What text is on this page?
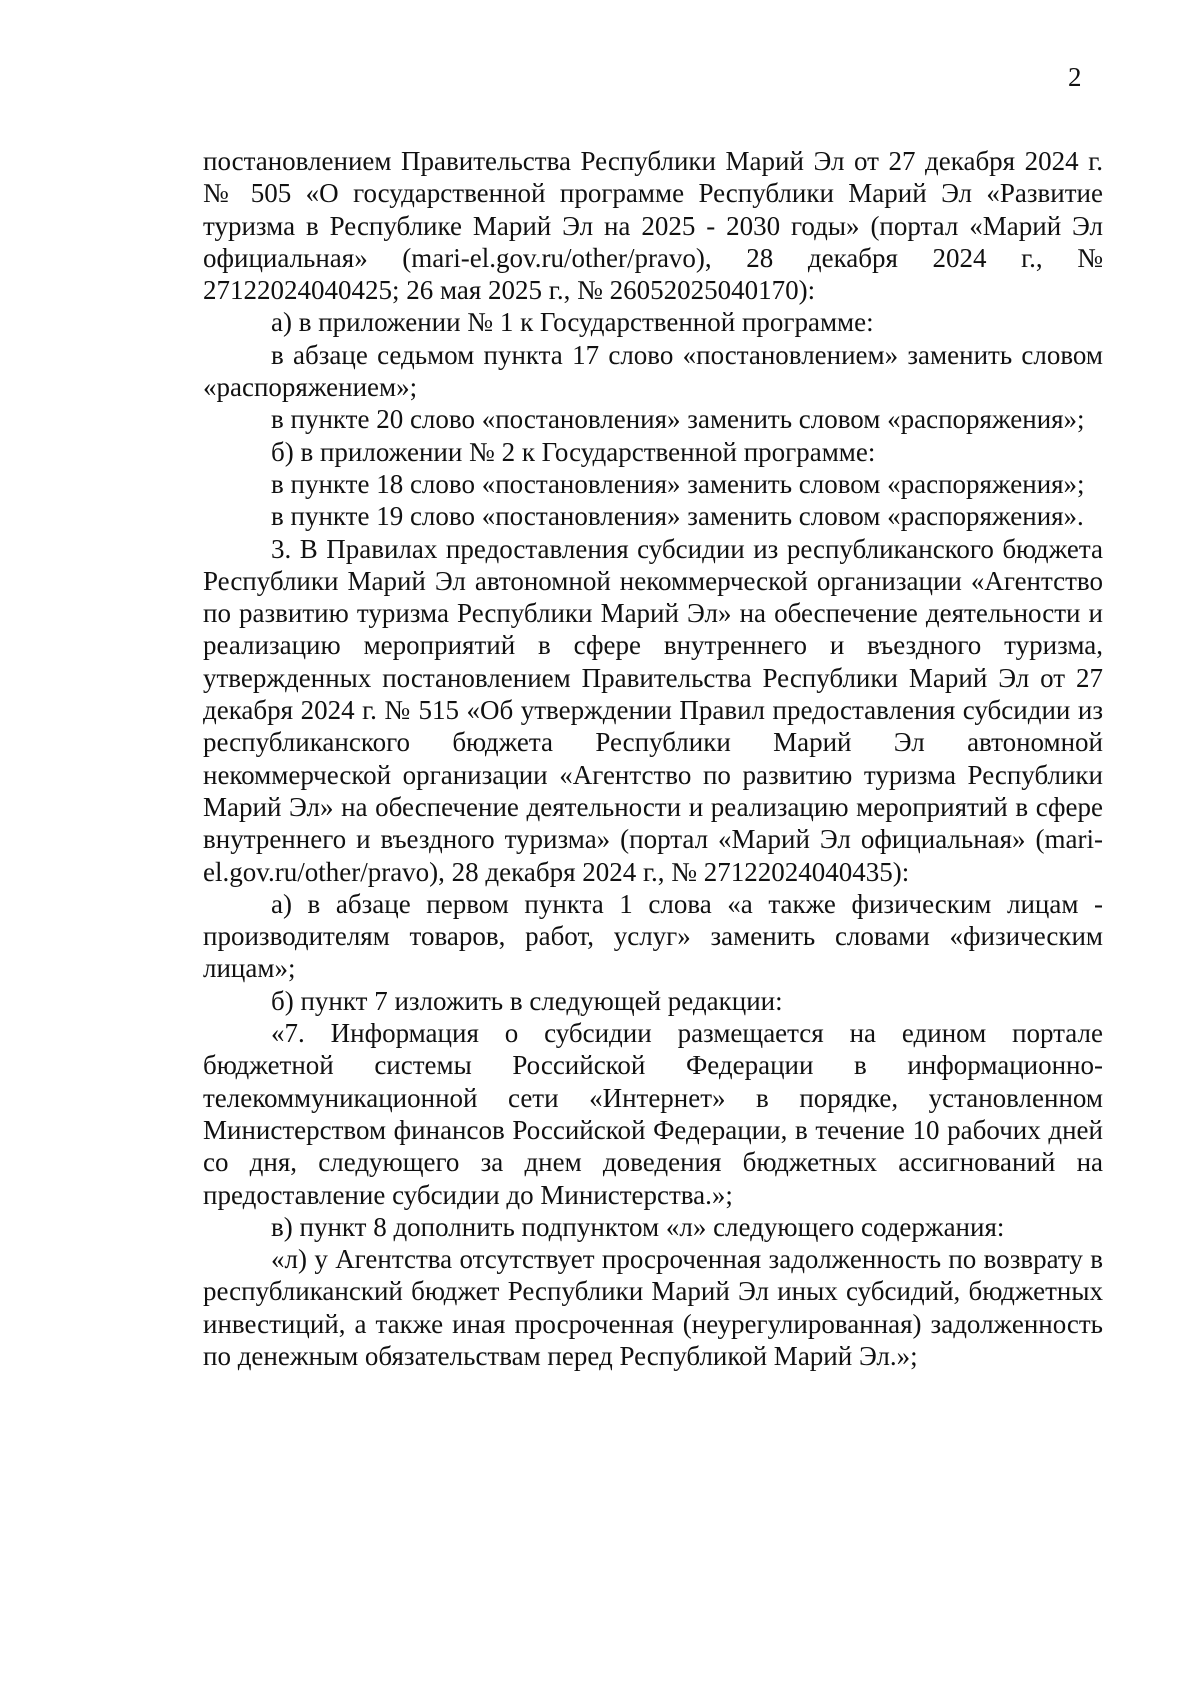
2

постановлением Правительства Республики Марий Эл от 27 декабря 2024 г. № 505 «О государственной программе Республики Марий Эл «Развитие туризма в Республике Марий Эл на 2025 - 2030 годы» (портал «Марий Эл официальная» (mari-el.gov.ru/other/pravo), 28 декабря 2024 г., № 27122024040425; 26 мая 2025 г., № 26052025040170):

а) в приложении № 1 к Государственной программе:

в абзаце седьмом пункта 17 слово «постановлением» заменить словом «распоряжением»;

в пункте 20 слово «постановления» заменить словом «распоряжения»;

б) в приложении № 2 к Государственной программе:

в пункте 18 слово «постановления» заменить словом «распоряжения»;

в пункте 19 слово «постановления» заменить словом «распоряжения».

3. В Правилах предоставления субсидии из республиканского бюджета Республики Марий Эл автономной некоммерческой организации «Агентство по развитию туризма Республики Марий Эл» на обеспечение деятельности и реализацию мероприятий в сфере внутреннего и въездного туризма, утвержденных постановлением Правительства Республики Марий Эл от 27 декабря 2024 г. № 515 «Об утверждении Правил предоставления субсидии из республиканского бюджета Республики Марий Эл автономной некоммерческой организации «Агентство по развитию туризма Республики Марий Эл» на обеспечение деятельности и реализацию мероприятий в сфере внутреннего и въездного туризма» (портал «Марий Эл официальная» (mari-el.gov.ru/other/pravo), 28 декабря 2024 г., № 27122024040435):

а) в абзаце первом пункта 1 слова «а также физическим лицам - производителям товаров, работ, услуг» заменить словами «физическим лицам»;

б) пункт 7 изложить в следующей редакции:

«7. Информация о субсидии размещается на едином портале бюджетной системы Российской Федерации в информационно-телекоммуникационной сети «Интернет» в порядке, установленном Министерством финансов Российской Федерации, в течение 10 рабочих дней со дня, следующего за днем доведения бюджетных ассигнований на предоставление субсидии до Министерства.»;

в) пункт 8 дополнить подпунктом «л» следующего содержания:

«л) у Агентства отсутствует просроченная задолженность по возврату в республиканский бюджет Республики Марий Эл иных субсидий, бюджетных инвестиций, а также иная просроченная (неурегулированная) задолженность по денежным обязательствам перед Республикой Марий Эл.»;
